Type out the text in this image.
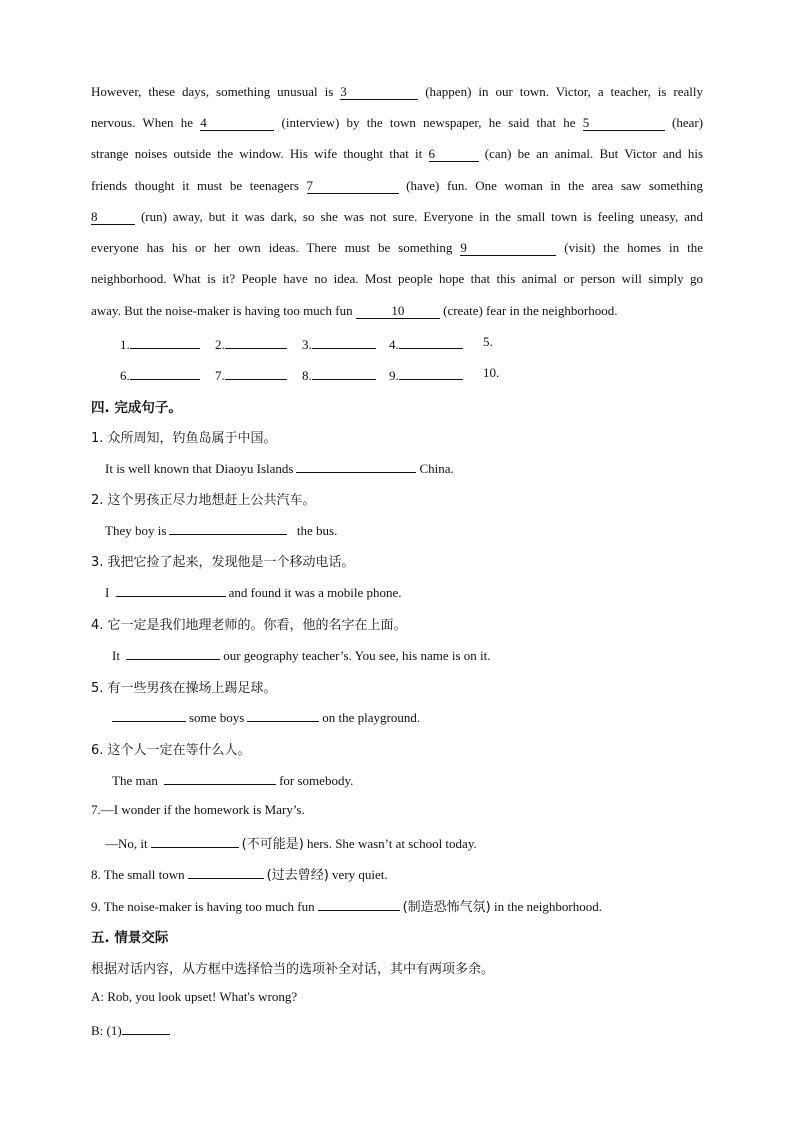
However, these days, something unusual is 3	(happen) in our town. Victor, a teacher, is really
nervous. When he 4	(interview) by the town newspaper, he said that he 5	(hear)
strange noises outside the window. His wife thought that it 6	(can) be an animal. But Victor and his
friends thought it must be teenagers 7	(have) fun. One woman in the area saw something
8	(run) away, but it was dark, so she was not sure. Everyone in the small town is feeling uneasy, and
everyone has his or her own ideas. There must be something 9	(visit) the homes in the
neighborhood. What is it? People have no idea. Most people hope that this animal or person will simply go
away. But the noise-maker is having too much fun	10	(create) fear in the neighborhood.
1.	2.	3.	4.	5.
6.	7.	8.	9.	10.
四. 完成句子。
1. 众所周知，钓鱼岛属于中国。
It is well known that Diaoyu Islands	China.
2. 这个男孩正尽力地想赶上公共汽车。
They boy is	the bus.
3. 我把它捡了起来，发现他是一个移动电话。
I	and found it was a mobile phone.
4. 它一定是我们地理老师的。你看，他的名字在上面。
It	our geography teacher’s. You see, his name is on it.
5. 有一些男孩在操场上踢足球。
some boys	on the playground.
6. 这个人一定在等什么人。
The man	for somebody.
7.—I wonder if the homework is Mary’s.
—No, it	(不可能是) hers. She wasn’t at school today.
8. The small town	(过去曾经) very quiet.
9. The noise-maker is having too much fun	(制造恐怖气氛) in the neighborhood.
五. 情景交际
根据对话内容，从方框中选择恰当的选项补全对话，其中有两项多余。
A: Rob, you look upset! What's wrong?
B: (1)
